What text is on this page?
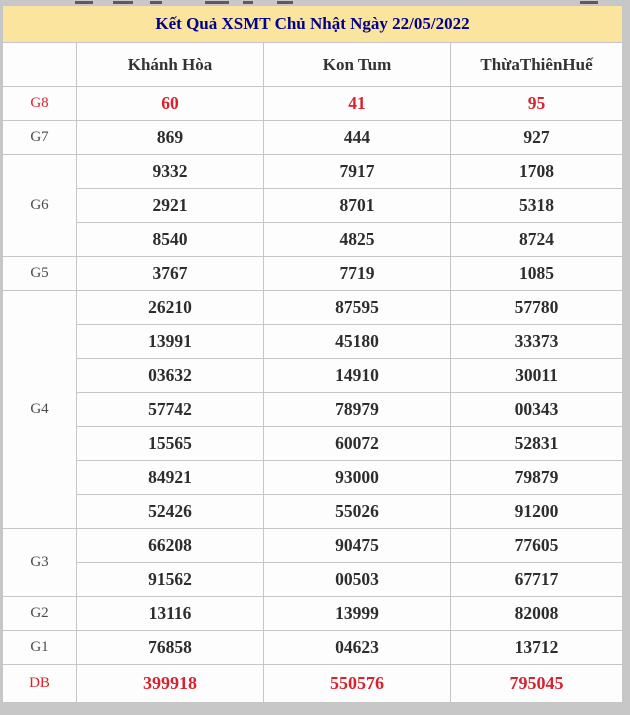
Kết Quả XSMT Chủ Nhật Ngày 22/05/2022			
	Khánh Hòa	Kon Tum	ThừaThiênHuế
G8	60	41	95
G7	869	444	927
G6	9332	7917	1708
	2921	8701	5318
	8540	4825	8724
G5	3767	7719	1085
G4	26210	87595	57780
	13991	45180	33373
	03632	14910	30011
	57742	78979	00343
	15565	60072	52831
	84921	93000	79879
	52426	55026	91200
G3	66208	90475	77605
	91562	00503	67717
G2	13116	13999	82008
G1	76858	04623	13712
DB	399918	550576	795045
